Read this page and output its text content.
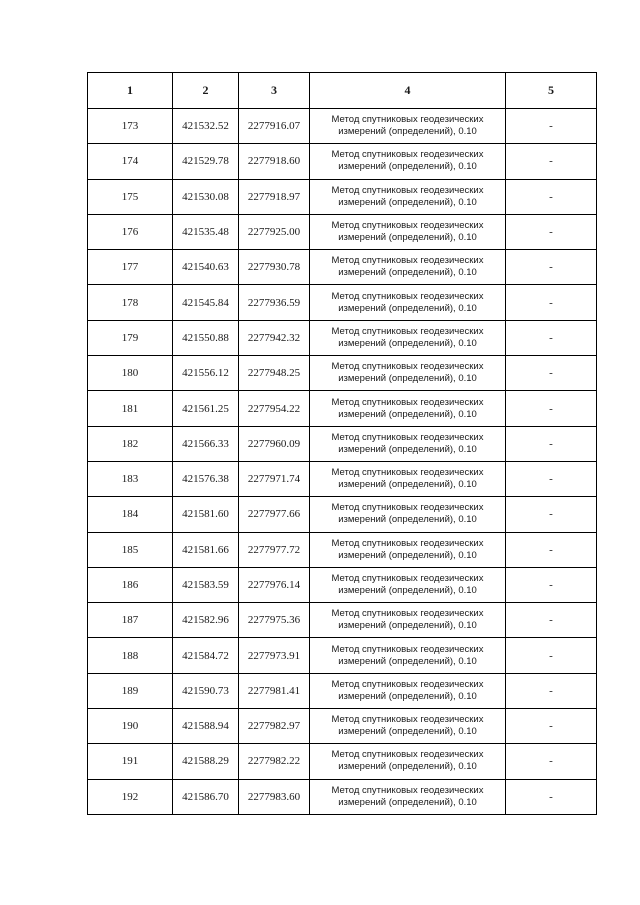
1	2	3	4	5
173	421532.52	2277916.07	Метод спутниковых геодезических
измерений (определений), 0.10	-
174	421529.78	2277918.60	Метод спутниковых геодезических
измерений (определений), 0.10	-
175	421530.08	2277918.97	Метод спутниковых геодезических
измерений (определений), 0.10	-
176	421535.48	2277925.00	Метод спутниковых геодезических
измерений (определений), 0.10	-
177	421540.63	2277930.78	Метод спутниковых геодезических
измерений (определений), 0.10	-
178	421545.84	2277936.59	Метод спутниковых геодезических
измерений (определений), 0.10	-
179	421550.88	2277942.32	Метод спутниковых геодезических
измерений (определений), 0.10	-
180	421556.12	2277948.25	Метод спутниковых геодезических
измерений (определений), 0.10	-
181	421561.25	2277954.22	Метод спутниковых геодезических
измерений (определений), 0.10	-
182	421566.33	2277960.09	Метод спутниковых геодезических
измерений (определений), 0.10	-
183	421576.38	2277971.74	Метод спутниковых геодезических
измерений (определений), 0.10	-
184	421581.60	2277977.66	Метод спутниковых геодезических
измерений (определений), 0.10	-
185	421581.66	2277977.72	Метод спутниковых геодезических
измерений (определений), 0.10	-
186	421583.59	2277976.14	Метод спутниковых геодезических
измерений (определений), 0.10	-
187	421582.96	2277975.36	Метод спутниковых геодезических
измерений (определений), 0.10	-
188	421584.72	2277973.91	Метод спутниковых геодезических
измерений (определений), 0.10	-
189	421590.73	2277981.41	Метод спутниковых геодезических
измерений (определений), 0.10	-
190	421588.94	2277982.97	Метод спутниковых геодезических
измерений (определений), 0.10	-
191	421588.29	2277982.22	Метод спутниковых геодезических
измерений (определений), 0.10	-
192	421586.70	2277983.60	Метод спутниковых геодезических
измерений (определений), 0.10	-
